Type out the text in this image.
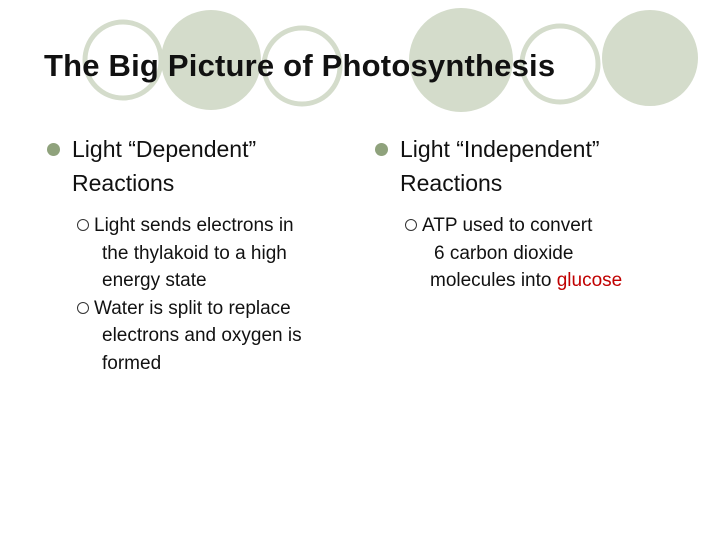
The Big Picture of Photosynthesis
Light “Dependent”
Reactions
Light sends electrons in
the thylakoid to a high
energy state
Water is split to replace
electrons and oxygen is
formed
Light “Independent”
Reactions
ATP used to convert
6 carbon dioxide
molecules into glucose
